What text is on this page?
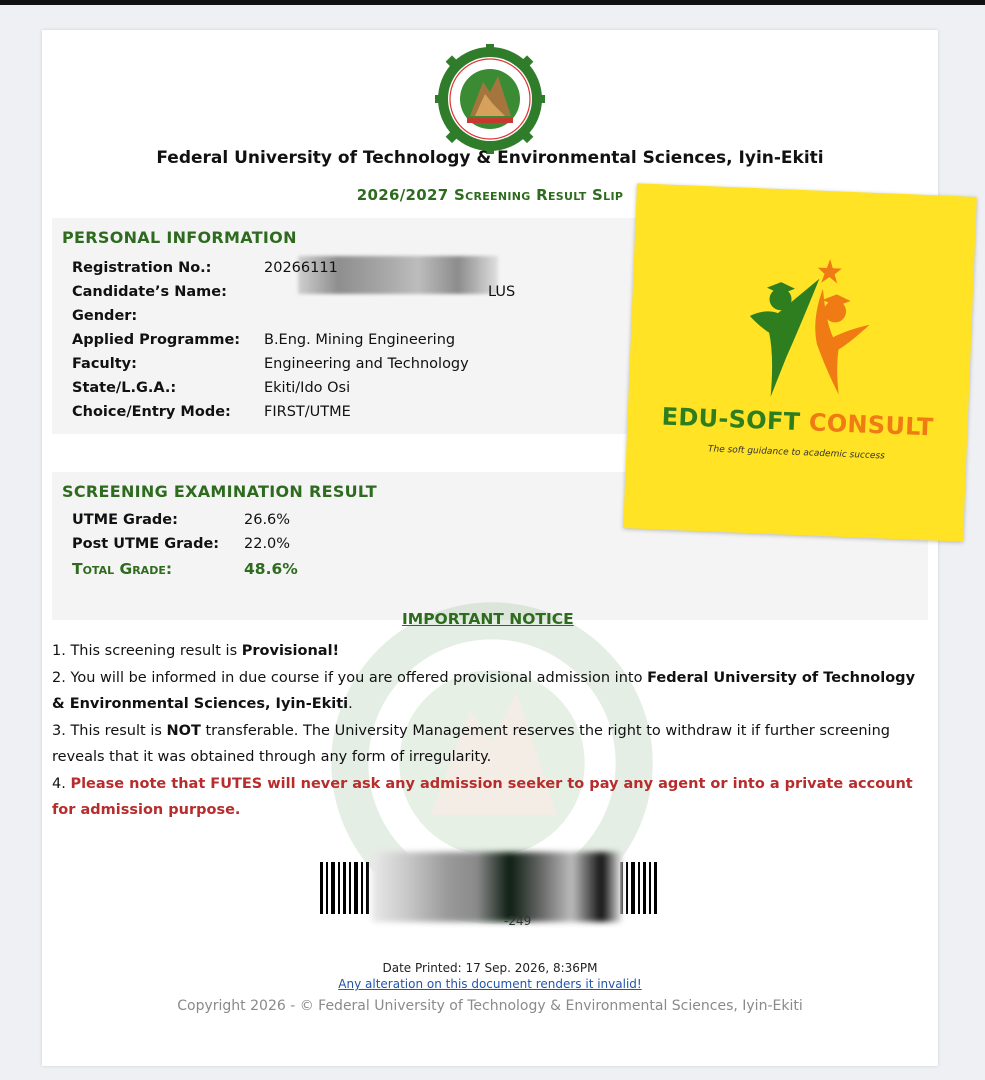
Federal University of Technology & Environmental Sciences, Iyin-Ekiti
2026/2027 Screening Result Slip
PERSONAL INFORMATION
Registration No.:	20266111
Candidate’s Name:	LUS
Gender:
Applied Programme: B.Eng. Mining Engineering
Faculty:	Engineering and Technology
State/L.G.A.:	Ekiti/Ido Osi
Choice/Entry Mode: FIRST/UTME
SCREENING EXAMINATION RESULT
UTME Grade:	26.6%
Post UTME Grade: 22.0%
Total Grade:	48.6%
IMPORTANT NOTICE

1. This screening result is Provisional!

2. You will be informed in due course if you are offered provisional admission into Federal University of Technology & Environmental Sciences, Iyin-Ekiti.

3. This result is NOT transferable. The University Management reserves the right to withdraw it if further screening reveals that it was obtained through any form of irregularity.

4. Please note that FUTES will never ask any admission seeker to pay any agent or into a private account for admission purpose.

-249
Date Printed: 17 Sep. 2026, 8:36PM
Any alteration on this document renders it invalid!
Copyright 2026 - © Federal University of Technology & Environmental Sciences, Iyin-Ekiti
EDU-SOFT CONSULT
The soft guidance to academic success
